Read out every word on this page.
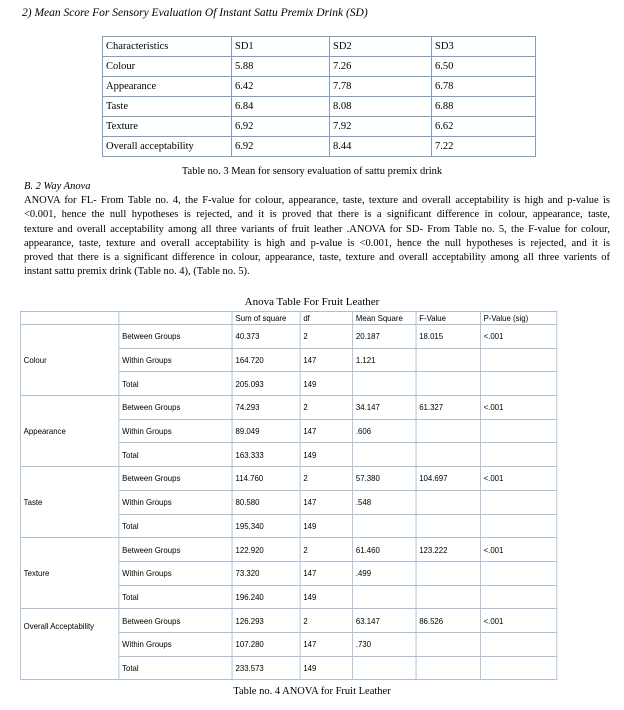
2) Mean Score For Sensory Evaluation Of Instant Sattu Premix Drink (SD)
Characteristics	SD1	SD2	SD3
Colour	5.88	7.26	6.50
Appearance	6.42	7.78	6.78
Taste	6.84	8.08	6.88
Texture	6.92	7.92	6.62
Overall acceptability	6.92	8.44	7.22
Table no. 3 Mean for sensory evaluation of sattu premix drink
B. 2 Way Anova
ANOVA for FL- From Table no. 4, the F-value for colour, appearance, taste, texture and overall acceptability is high and p-value is
<0.001, hence the null hypotheses is rejected, and it is proved that there is a significant difference in colour, appearance, taste,
texture and overall acceptability among all three variants of fruit leather .ANOVA for SD- From Table no. 5, the F-value for colour,
appearance, taste, texture and overall acceptability is high and p-value is <0.001, hence the null hypotheses is rejected, and it is
proved that there is a significant difference in colour, appearance, taste, texture and overall acceptability among all three varients of
instant sattu premix drink (Table no. 4), (Table no. 5).
Anova Table For Fruit Leather
		Sum of square	df	Mean Square	F-Value	P-Value (sig)
Colour	Between Groups	40.373	2	20.187	18.015	<.001
	Within Groups	164.720	147	1.121		
	Total	205.093	149			
Appearance	Between Groups	74.293	2	34.147	61.327	<.001
	Within Groups	89.049	147	.606		
	Total	163.333	149			
Taste	Between Groups	114.760	2	57.380	104.697	<.001
	Within Groups	80.580	147	.548		
	Total	195.340	149			
Texture	Between Groups	122.920	2	61.460	123.222	<.001
	Within Groups	73.320	147	.499		
	Total	196.240	149			
Overall Acceptability	Between Groups	126.293	2	63.147	86.526	<.001
	Within Groups	107.280	147	.730		
	Total	233.573	149			
Table no. 4 ANOVA for Fruit Leather
